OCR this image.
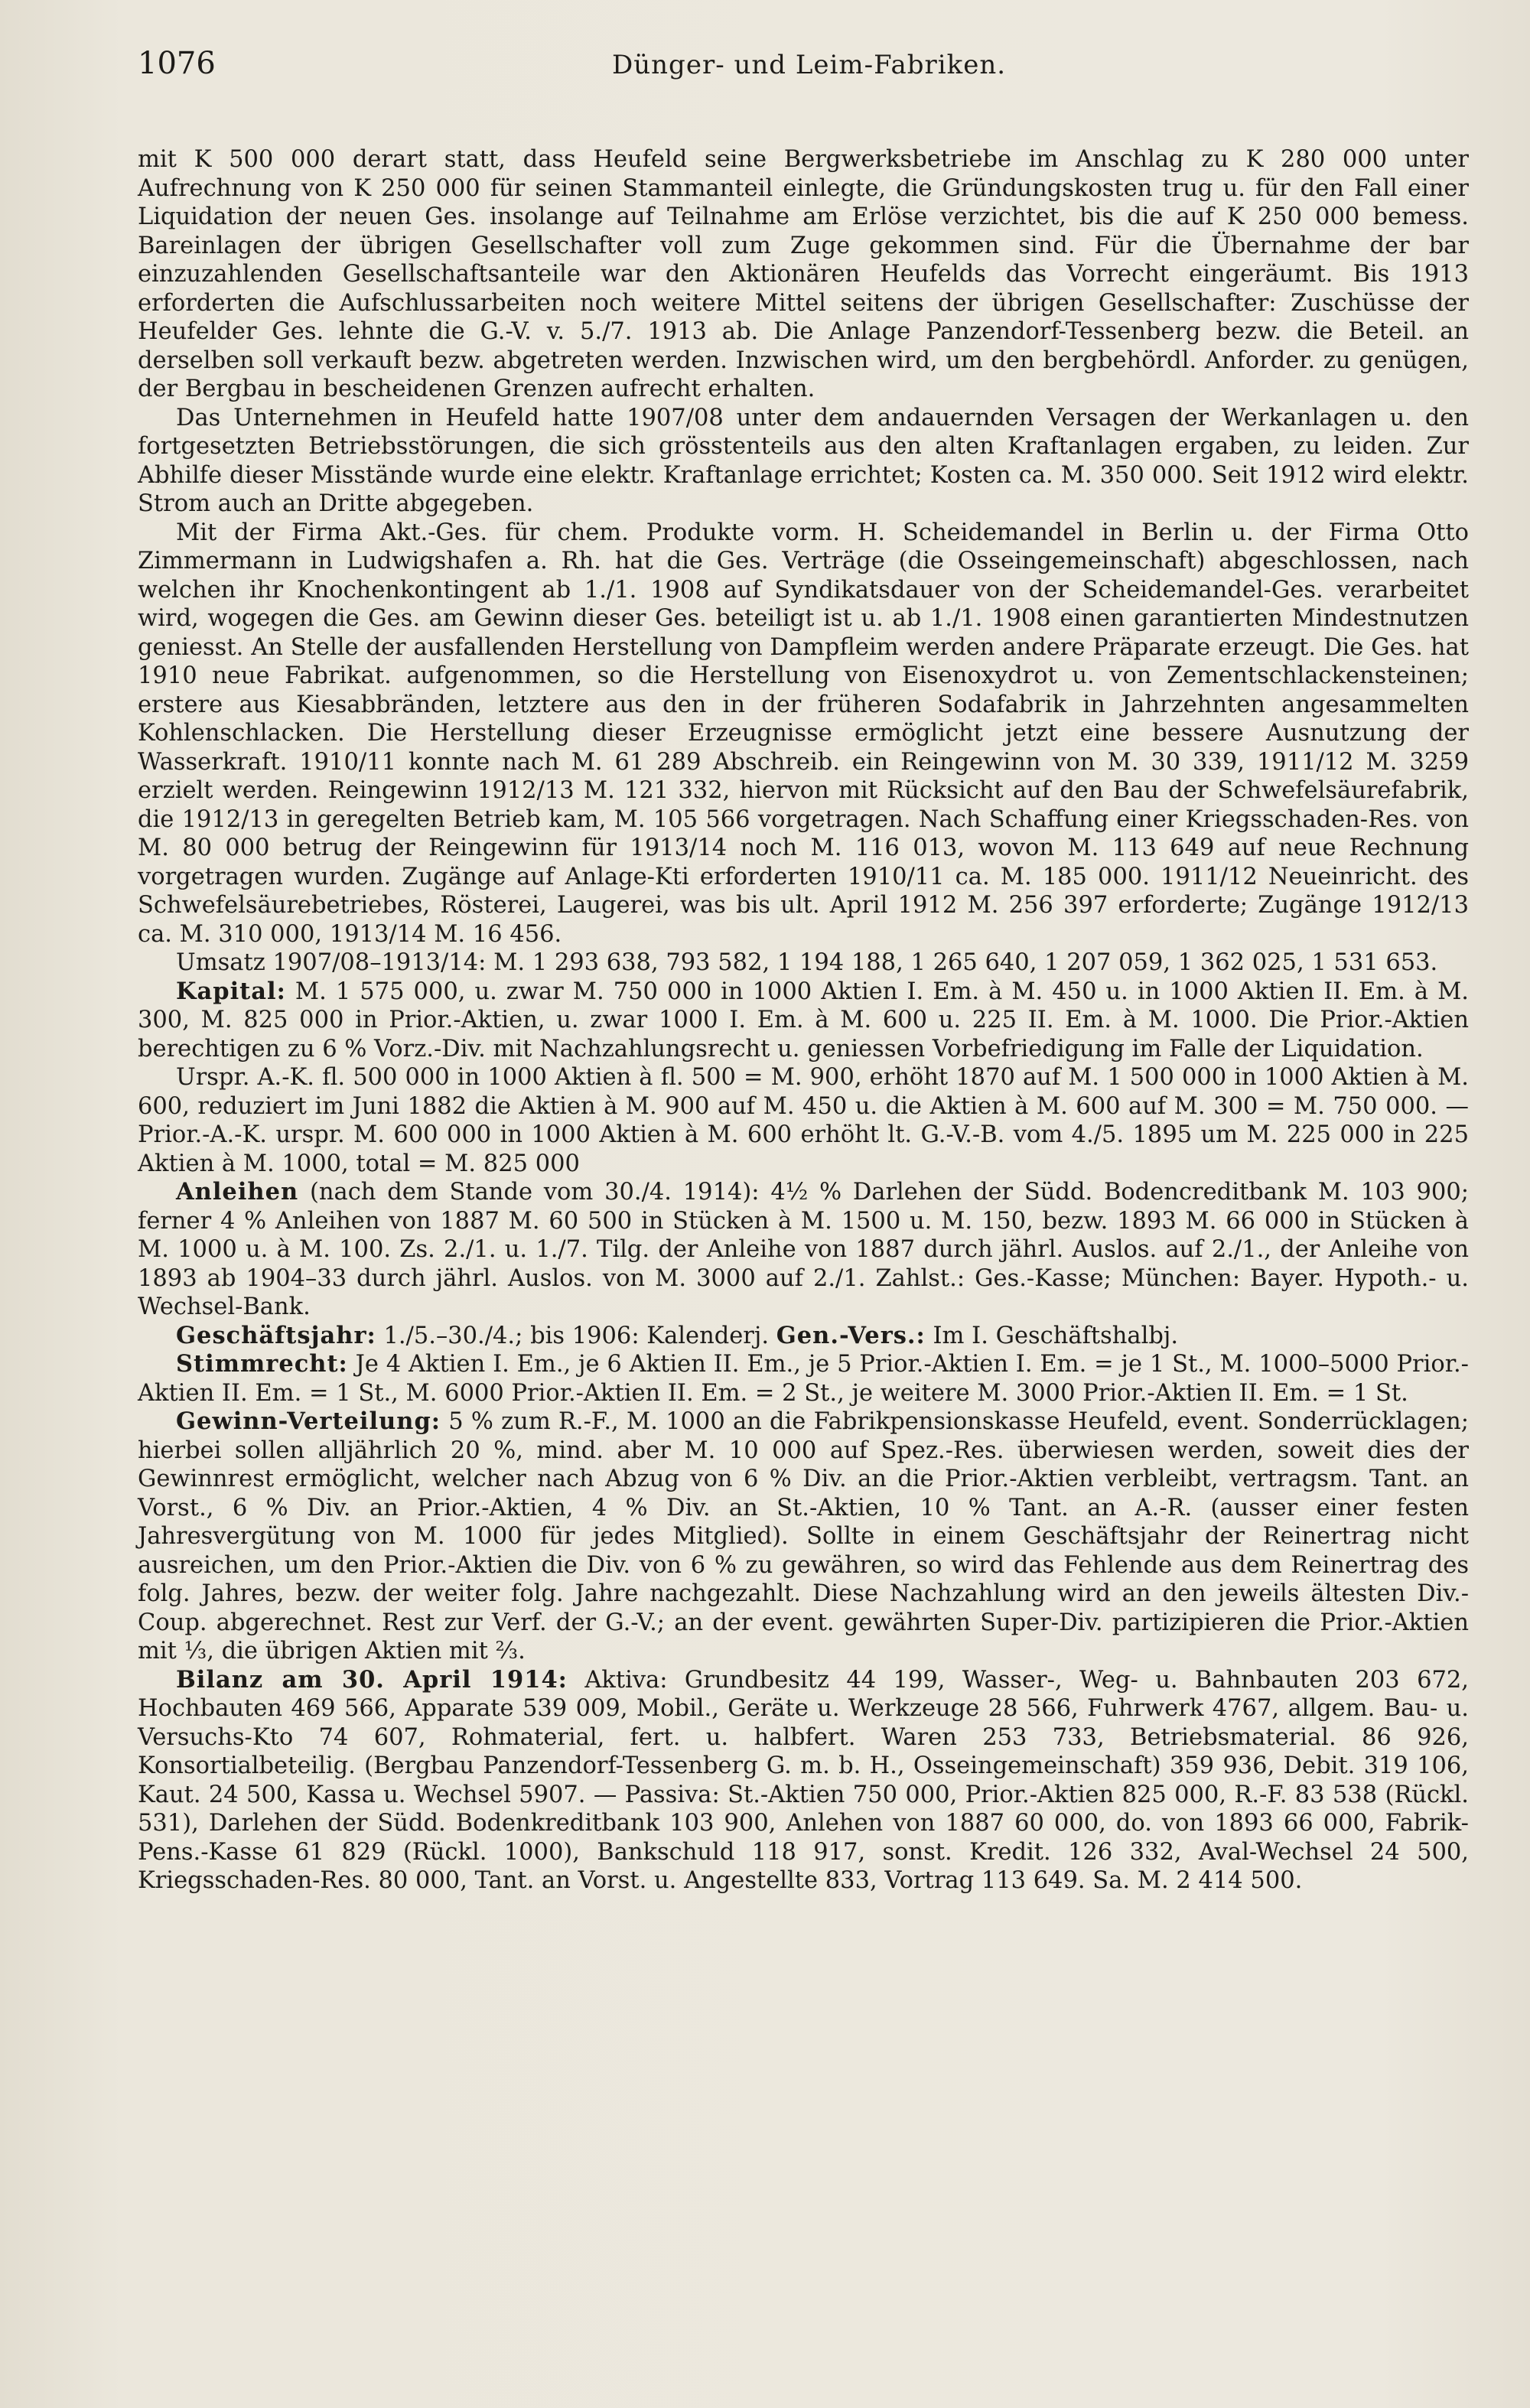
1076	Dünger- und Leim-Fabriken.

mit K 500 000 derart statt, dass Heufeld seine Bergwerksbetriebe im Anschlag zu K 280 000 unter Aufrechnung von K 250 000 für seinen Stammanteil einlegte, die Gründungskosten trug u. für den Fall einer Liquidation der neuen Ges. insolange auf Teilnahme am Erlöse verzichtet, bis die auf K 250 000 bemess. Bareinlagen der übrigen Gesellschafter voll zum Zuge gekommen sind. Für die Übernahme der bar einzuzahlenden Gesellschaftsanteile war den Aktionären Heufelds das Vorrecht eingeräumt. Bis 1913 erforderten die Aufschlussarbeiten noch weitere Mittel seitens der übrigen Gesellschafter: Zuschüsse der Heufelder Ges. lehnte die G.-V. v. 5./7. 1913 ab. Die Anlage Panzendorf-Tessenberg bezw. die Beteil. an derselben soll verkauft bezw. abgetreten werden. Inzwischen wird, um den bergbehördl. Anforder. zu genügen, der Bergbau in bescheidenen Grenzen aufrecht erhalten.

Das Unternehmen in Heufeld hatte 1907/08 unter dem andauernden Versagen der Werkanlagen u. den fortgesetzten Betriebsstörungen, die sich grösstenteils aus den alten Kraftanlagen ergaben, zu leiden. Zur Abhilfe dieser Misstände wurde eine elektr. Kraftanlage errichtet; Kosten ca. M. 350 000. Seit 1912 wird elektr. Strom auch an Dritte abgegeben.

Mit der Firma Akt.-Ges. für chem. Produkte vorm. H. Scheidemandel in Berlin u. der Firma Otto Zimmermann in Ludwigshafen a. Rh. hat die Ges. Verträge (die Osseingemeinschaft) abgeschlossen, nach welchen ihr Knochenkontingent ab 1./1. 1908 auf Syndikatsdauer von der Scheidemandel-Ges. verarbeitet wird, wogegen die Ges. am Gewinn dieser Ges. beteiligt ist u. ab 1./1. 1908 einen garantierten Mindestnutzen geniesst. An Stelle der ausfallenden Herstellung von Dampfleim werden andere Präparate erzeugt. Die Ges. hat 1910 neue Fabrikat. aufgenommen, so die Herstellung von Eisenoxydrot u. von Zementschlackensteinen; erstere aus Kiesabbränden, letztere aus den in der früheren Sodafabrik in Jahrzehnten angesammelten Kohlenschlacken. Die Herstellung dieser Erzeugnisse ermöglicht jetzt eine bessere Ausnutzung der Wasserkraft. 1910/11 konnte nach M. 61 289 Abschreib. ein Reingewinn von M. 30 339, 1911/12 M. 3259 erzielt werden. Reingewinn 1912/13 M. 121 332, hiervon mit Rücksicht auf den Bau der Schwefelsäurefabrik, die 1912/13 in geregelten Betrieb kam, M. 105 566 vorgetragen. Nach Schaffung einer Kriegsschaden-Res. von M. 80 000 betrug der Reingewinn für 1913/14 noch M. 116 013, wovon M. 113 649 auf neue Rechnung vorgetragen wurden. Zugänge auf Anlage-Kti erforderten 1910/11 ca. M. 185 000. 1911/12 Neueinricht. des Schwefelsäurebetriebes, Rösterei, Laugerei, was bis ult. April 1912 M. 256 397 erforderte; Zugänge 1912/13 ca. M. 310 000, 1913/14 M. 16 456.

Umsatz 1907/08–1913/14: M. 1 293 638, 793 582, 1 194 188, 1 265 640, 1 207 059, 1 362 025, 1 531 653.

Kapital: M. 1 575 000, u. zwar M. 750 000 in 1000 Aktien I. Em. à M. 450 u. in 1000 Aktien II. Em. à M. 300, M. 825 000 in Prior.-Aktien, u. zwar 1000 I. Em. à M. 600 u. 225 II. Em. à M. 1000. Die Prior.-Aktien berechtigen zu 6 % Vorz.-Div. mit Nachzahlungsrecht u. geniessen Vorbefriedigung im Falle der Liquidation.

Urspr. A.-K. fl. 500 000 in 1000 Aktien à fl. 500 = M. 900, erhöht 1870 auf M. 1 500 000 in 1000 Aktien à M. 600, reduziert im Juni 1882 die Aktien à M. 900 auf M. 450 u. die Aktien à M. 600 auf M. 300 = M. 750 000. — Prior.-A.-K. urspr. M. 600 000 in 1000 Aktien à M. 600 erhöht lt. G.-V.-B. vom 4./5. 1895 um M. 225 000 in 225 Aktien à M. 1000, total = M. 825 000

Anleihen (nach dem Stande vom 30./4. 1914): 4½ % Darlehen der Südd. Bodencreditbank M. 103 900; ferner 4 % Anleihen von 1887 M. 60 500 in Stücken à M. 1500 u. M. 150, bezw. 1893 M. 66 000 in Stücken à M. 1000 u. à M. 100. Zs. 2./1. u. 1./7. Tilg. der Anleihe von 1887 durch jährl. Auslos. auf 2./1., der Anleihe von 1893 ab 1904–33 durch jährl. Auslos. von M. 3000 auf 2./1. Zahlst.: Ges.-Kasse; München: Bayer. Hypoth.- u. Wechsel-Bank.

Geschäftsjahr: 1./5.–30./4.; bis 1906: Kalenderj. Gen.-Vers.: Im I. Geschäftshalbj.

Stimmrecht: Je 4 Aktien I. Em., je 6 Aktien II. Em., je 5 Prior.-Aktien I. Em. = je 1 St., M. 1000–5000 Prior.-Aktien II. Em. = 1 St., M. 6000 Prior.-Aktien II. Em. = 2 St., je weitere M. 3000 Prior.-Aktien II. Em. = 1 St.

Gewinn-Verteilung: 5 % zum R.-F., M. 1000 an die Fabrikpensionskasse Heufeld, event. Sonderrücklagen; hierbei sollen alljährlich 20 %, mind. aber M. 10 000 auf Spez.-Res. überwiesen werden, soweit dies der Gewinnrest ermöglicht, welcher nach Abzug von 6 % Div. an die Prior.-Aktien verbleibt, vertragsm. Tant. an Vorst., 6 % Div. an Prior.-Aktien, 4 % Div. an St.-Aktien, 10 % Tant. an A.-R. (ausser einer festen Jahresvergütung von M. 1000 für jedes Mitglied). Sollte in einem Geschäftsjahr der Reinertrag nicht ausreichen, um den Prior.-Aktien die Div. von 6 % zu gewähren, so wird das Fehlende aus dem Reinertrag des folg. Jahres, bezw. der weiter folg. Jahre nachgezahlt. Diese Nachzahlung wird an den jeweils ältesten Div.-Coup. abgerechnet. Rest zur Verf. der G.-V.; an der event. gewährten Super-Div. partizipieren die Prior.-Aktien mit ⅓, die übrigen Aktien mit ⅔.

Bilanz am 30. April 1914: Aktiva: Grundbesitz 44 199, Wasser-, Weg- u. Bahnbauten 203 672, Hochbauten 469 566, Apparate 539 009, Mobil., Geräte u. Werkzeuge 28 566, Fuhrwerk 4767, allgem. Bau- u. Versuchs-Kto 74 607, Rohmaterial, fert. u. halbfert. Waren 253 733, Betriebsmaterial. 86 926, Konsortialbeteilig. (Bergbau Panzendorf-Tessenberg G. m. b. H., Osseingemeinschaft) 359 936, Debit. 319 106, Kaut. 24 500, Kassa u. Wechsel 5907. — Passiva: St.-Aktien 750 000, Prior.-Aktien 825 000, R.-F. 83 538 (Rückl. 531), Darlehen der Südd. Bodenkreditbank 103 900, Anlehen von 1887 60 000, do. von 1893 66 000, Fabrik-Pens.-Kasse 61 829 (Rückl. 1000), Bankschuld 118 917, sonst. Kredit. 126 332, Aval-Wechsel 24 500, Kriegsschaden-Res. 80 000, Tant. an Vorst. u. Angestellte 833, Vortrag 113 649. Sa. M. 2 414 500.
